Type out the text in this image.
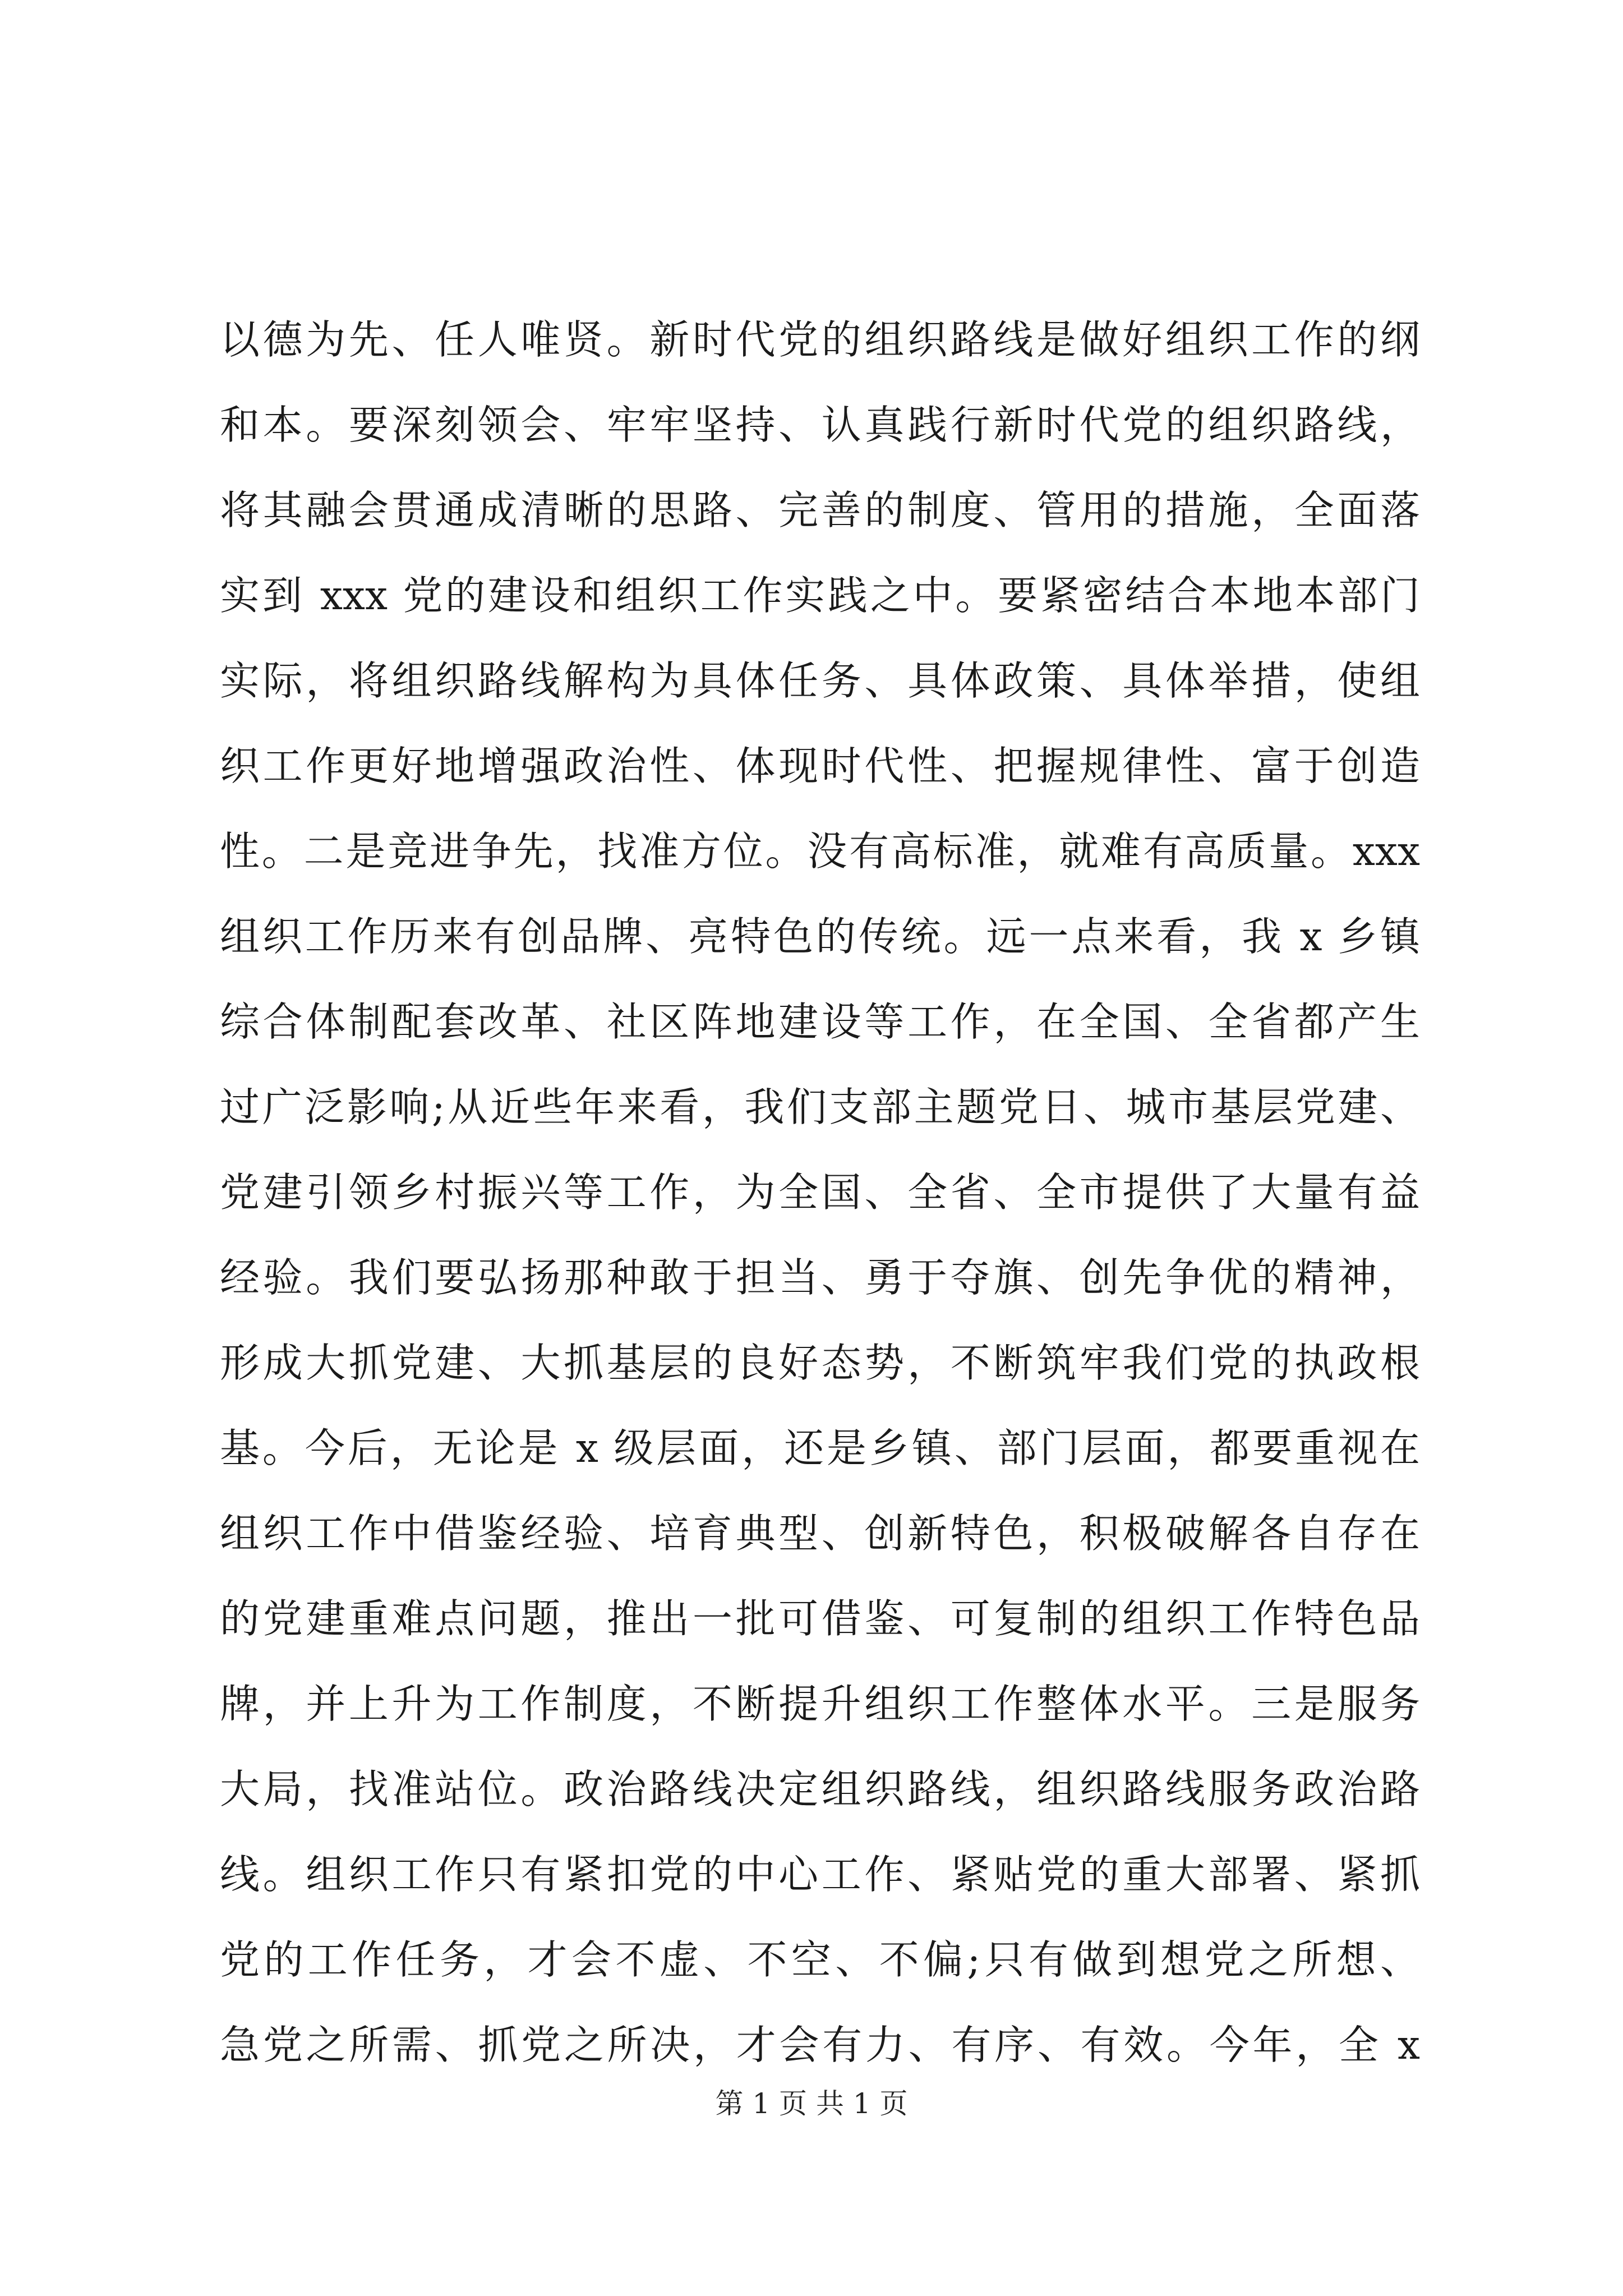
以德为先、任人唯贤。新时代党的组织路线是做好组织工作的纲
和本。要深刻领会、牢牢坚持、认真践行新时代党的组织路线，
将其融会贯通成清晰的思路、完善的制度、管用的措施，全面落
实到 xxx 党的建设和组织工作实践之中。要紧密结合本地本部门
实际，将组织路线解构为具体任务、具体政策、具体举措，使组
织工作更好地增强政治性、体现时代性、把握规律性、富于创造
性。二是竞进争先，找准方位。没有高标准，就难有高质量。xxx
组织工作历来有创品牌、亮特色的传统。远一点来看，我 x 乡镇
综合体制配套改革、社区阵地建设等工作，在全国、全省都产生
过广泛影响;从近些年来看，我们支部主题党日、城市基层党建、
党建引领乡村振兴等工作，为全国、全省、全市提供了大量有益
经验。我们要弘扬那种敢于担当、勇于夺旗、创先争优的精神，
形成大抓党建、大抓基层的良好态势，不断筑牢我们党的执政根
基。今后，无论是 x 级层面，还是乡镇、部门层面，都要重视在
组织工作中借鉴经验、培育典型、创新特色，积极破解各自存在
的党建重难点问题，推出一批可借鉴、可复制的组织工作特色品
牌，并上升为工作制度，不断提升组织工作整体水平。三是服务
大局，找准站位。政治路线决定组织路线，组织路线服务政治路
线。组织工作只有紧扣党的中心工作、紧贴党的重大部署、紧抓
党的工作任务，才会不虚、不空、不偏;只有做到想党之所想、
急党之所需、抓党之所决，才会有力、有序、有效。今年，全 x
第 1 页 共 1 页
